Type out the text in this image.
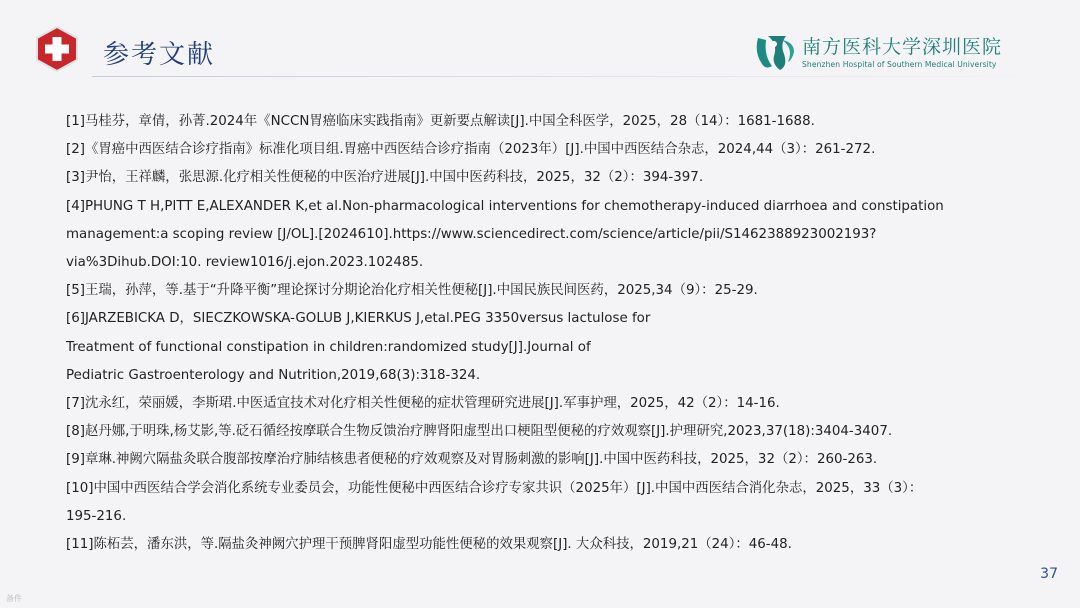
参考文献	南方医科大学深圳医院
Shenzhen Hospital of Southern Medical University
[1]马桂芬，章倩，孙菁.2024年《NCCN胃癌临床实践指南》更新要点解读[J].中国全科医学，2025，28（14）：1681-1688.
[2]《胃癌中西医结合诊疗指南》标准化项目组.胃癌中西医结合诊疗指南（2023年）[J].中国中西医结合杂志，2024,44（3）：261-272.
[3]尹怡，王祥麟，张思源.化疗相关性便秘的中医治疗进展[J].中国中医药科技，2025，32（2）：394-397.
[4]PHUNG T H,PITT E,ALEXANDER K,et al.Non-pharmacological interventions for chemotherapy-induced diarrhoea and constipation
management:a scoping review [J/OL].[2024610].https://www.sciencedirect.com/science/article/pii/S1462388923002193?
via%3Dihub.DOI:10. review1016/j.ejon.2023.102485.
[5]王瑞，孙萍，等.基于“升降平衡”理论探讨分期论治化疗相关性便秘[J].中国民族民间医药，2025,34（9）：25-29.
[6]JARZEBICKA D，SIECZKOWSKA-GOLUB J,KIERKUS J,etal.PEG 3350versus lactulose for
Treatment of functional constipation in children:randomized study[J].Journal of
Pediatric Gastroenterology and Nutrition,2019,68(3):318-324.
[7]沈永红，荣丽媛，李斯珺.中医适宜技术对化疗相关性便秘的症状管理研究进展[J].军事护理，2025，42（2）：14-16.
[8]赵丹娜,于明珠,杨艾影,等.砭石循经按摩联合生物反馈治疗脾肾阳虚型出口梗阻型便秘的疗效观察[J].护理研究,2023,37(18):3404-3407.
[9]章琳.神阙穴隔盐灸联合腹部按摩治疗肺结核患者便秘的疗效观察及对胃肠刺激的影响[J].中国中医药科技，2025，32（2）：260-263.
[10]中国中西医结合学会消化系统专业委员会，功能性便秘中西医结合诊疗专家共识（2025年）[J].中国中西医结合消化杂志，2025，33（3）：
195-216.
[11]陈柘芸，潘东洪，等.隔盐灸神阙穴护理干预脾肾阳虚型功能性便秘的效果观察[J]. 大众科技，2019,21（24）：46-48.
37
备件
